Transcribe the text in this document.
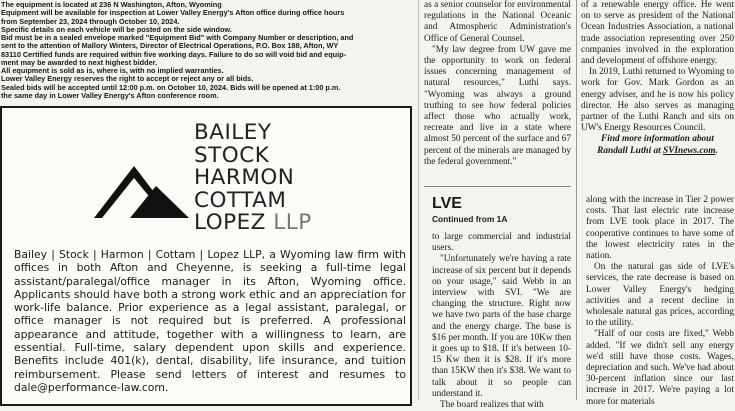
The equipment is located at 236 N Washington, Afton, Wyoming

Equipment will be available for inspection at Lower Valley Energy's Afton office during office hours

from September 23, 2024 through October 10, 2024.

Specific details on each vehicle will be posted on the side window.

Bid must be in a sealed envelope marked "Equipment Bid" with Company Number or description, and

sent to the attention of Mallory Winters, Director of Electrical Operations, P.O. Box 188, Afton, WY

83110 Certified funds are required within five working days. Failure to do so will void bid and equip-

ment may be awarded to next highest bidder.

All equipment is sold as is, where is, with no implied warranties.

Lower Valley Energy reserves the right to accept or reject any or all bids.

Sealed bids will be accepted until 12:00 p.m. on October 10, 2024. Bids will be opened at 1:00 p.m.

the same day in Lower Valley Energy's Afton conference room.

BAILEY
STOCK
HARMON
COTTAM
LOPEZ LLP

Bailey | Stock | Harmon | Cottam | Lopez LLP, a Wyoming law firm with offices in both Afton and Cheyenne, is seeking a full-time legal assistant/paralegal/office manager in its Afton, Wyoming office. Applicants should have both a strong work ethic and an appreciation for work-life balance. Prior experience as a legal assistant, paralegal, or office manager is not required but is preferred. A professional appearance and attitude, together with a willingness to learn, are essential. Full-time, salary dependent upon skills and experience. Benefits include 401(k), dental, disability, life insurance, and tuition reimbursement. Please send letters of interest and resumes to dale@performance-law.com.

as a senior counselor for environmental regulations in the National Oceanic and Atmospheric Administration's Office of General Counsel.

"My law degree from UW gave me the opportunity to work on federal issues concerning management of natural resources," Luthi says. "Wyoming was always a ground truthing to see how federal policies affect those who actually work, recreate and live in a state where almost 50 percent of the surface and 67 percent of the minerals are managed by the federal government."

of a renewable energy office. He went on to serve as president of the National Ocean Industries Association, a national trade association representing over 250 companies involved in the exploration and development of offshore energy.

In 2019, Luthi returned to Wyoming to work for Gov. Mark Gordon as an energy adviser, and he is now his policy director. He also serves as managing partner of the Luthi Ranch and sits on UW's Energy Resources Council.

Find more information about
Randall Luthi at SVInews.com.

LVE
Continued from 1A

to large commercial and industrial users.

"Unfortunately we're having a rate increase of six percent but it depends on your usage," said Webb in an interview with SVI. "We are changing the structure. Right now we have two parts of the base charge and the energy charge. The base is $16 per month. If you are 10Kw then it goes up to $18. If it's between 10-15 Kw then it is $28. If it's more than 15KW then it's $38. We want to talk about it so people can understand it.

The board realizes that with

along with the increase in Tier 2 power costs. That last electric rate increase from LVE took place in 2017. The cooperative continues to have some of the lowest electricity rates in the nation.

On the natural gas side of LVE's services, the rate decrease is based on Lower Valley Energy's hedging activities and a recent decline in wholesale natural gas prices, according to the utility.

"Half of our costs are fixed," Webb added. "If we didn't sell any energy we'd still have those costs. Wages, depreciation and such. We've had about 30-percent inflation since our last increase in 2017. We're paying a lot more for materials
